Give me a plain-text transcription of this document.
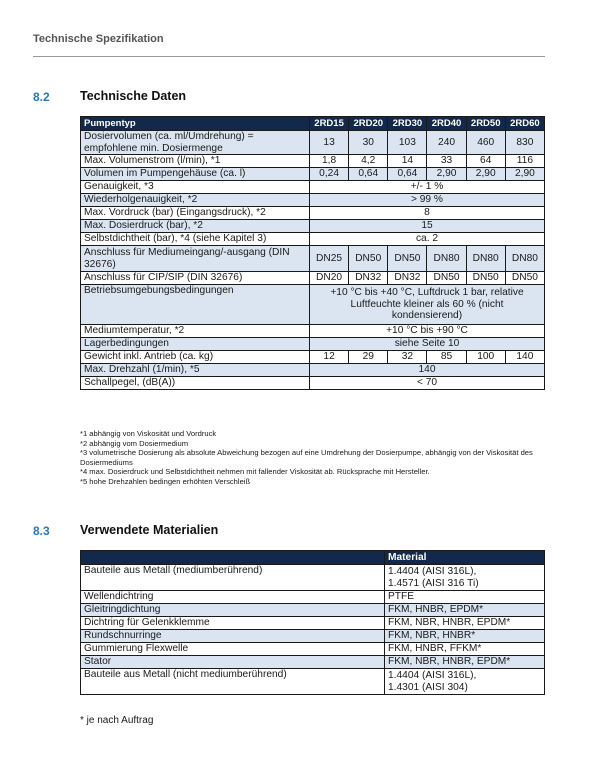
Technische Spezifikation
8.2 Technische Daten
Pumpentyp	2RD15	2RD20	2RD30	2RD40	2RD50	2RD60
Dosiervolumen (ca. ml/Umdrehung) = empfohlene min. Dosiermenge	13	30	103	240	460	830
Max. Volumenstrom (l/min), *1	1,8	4,2	14	33	64	116
Volumen im Pumpengehäuse (ca. l)	0,24	0,64	0,64	2,90	2,90	2,90
Genauigkeit, *3	+/- 1 %					
Wiederholgenauigkeit, *2	> 99 %					
Max. Vordruck (bar) (Eingangsdruck), *2	8					
Max. Dosierdruck (bar), *2	15					
Selbstdichtheit (bar), *4 (siehe Kapitel 3)	ca. 2					
Anschluss für Mediumeingang/-ausgang (DIN 32676)	DN25	DN50	DN50	DN80	DN80	DN80
Anschluss für CIP/SIP (DIN 32676)	DN20	DN32	DN32	DN50	DN50	DN50
Betriebsumgebungsbedingungen	+10 °C bis +40 °C, Luftdruck 1 bar, relative Luftfeuchte kleiner als 60 % (nicht kondensierend)					
Mediumtemperatur, *2	+10 °C bis +90 °C					
Lagerbedingungen	siehe Seite 10					
Gewicht inkl. Antrieb (ca. kg)	12	29	32	85	100	140
Max. Drehzahl (1/min), *5	140					
Schallpegel, (dB(A))	< 70					
*1 abhängig von Viskosität und Vordruck
*2 abhängig vom Dosiermedium
*3 volumetrische Dosierung als absolute Abweichung bezogen auf eine Umdrehung der Dosierpumpe, abhängig von der Viskosität des Dosiermediums
*4 max. Dosierdruck und Selbstdichtheit nehmen mit fallender Viskosität ab. Rücksprache mit Hersteller.
*5 hohe Drehzahlen bedingen erhöhten Verschleiß
8.3 Verwendete Materialien
	Material
Bauteile aus Metall (mediumberührend)	1.4404 (AISI 316L),
1.4571 (AISI 316 Ti)
Wellendichtring	PTFE
Gleitringdichtung	FKM, HNBR, EPDM*
Dichtring für Gelenkklemme	FKM, NBR, HNBR, EPDM*
Rundschnurringe	FKM, NBR, HNBR*
Gummierung Flexwelle	FKM, HNBR, FFKM*
Stator	FKM, NBR, HNBR, EPDM*
Bauteile aus Metall (nicht mediumberührend)	1.4404 (AISI 316L),
1.4301 (AISI 304)
* je nach Auftrag
